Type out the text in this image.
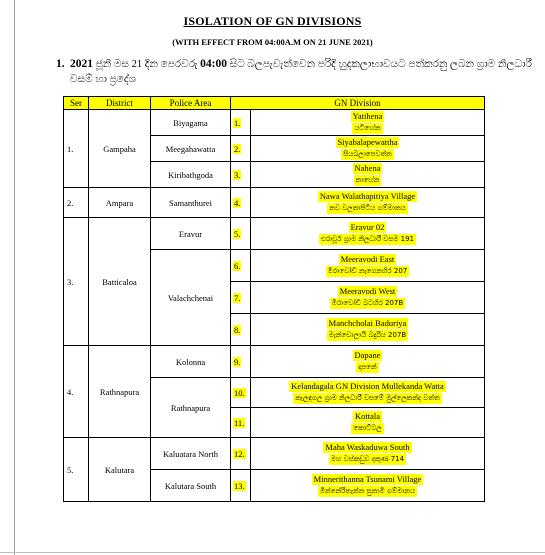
ISOLATION OF GN DIVISIONS
(WITH EFFECT FROM 04:00A.M ON 21 JUNE 2021)
1. 2021 ජූනි මස 21 දින පෙරවරු 04:00 සිට බලපැවැත්වෙන පරිදි හුදකලාභාවයට පත්කරනු ලබන ග්‍රාම නිලධාරී වසම් හා ප්‍රදේශ
Ser	District	Police Area	GN Division	
1.	Gampaha	Biyagama	1.	Yatihena
යටිහේන
		Meegahawatta	2.	Siyabalapewattha
සියබලාපෙවත්ත
		Kiribathgoda	3.	Nahena
නාහේන
2.	Ampara	Samanthurei	4.	Nawa Walathapitiya Village
නව වලතාපිටිය ගම්මානය
3.	Batticaloa	Eravur	5.	Eravur 02
එරාවූර් ග්‍රාම නිලධාරී වසම 191
		Valachchenai	6.	Meeravodi East
මීරාවෝඩි නැගෙනහිර 207
			7.	Meeravodi West
මීරාවෝඩි බටහිර 207B
			8.	Manchcholai Baduriya
මැන්චොලායි බදුරිය 207B
4.	Rathnapura	Kolonna	9.	Dapane
දාපනේ
		Rathnapura	10.	Kelandagala GN Division Mullekanda Watta
කැලඳගල ග්‍රාම නිලධාරී වසමේ මුල්ලෙකන්ද වත්ත
			11.	Kottala
කොට්ටල
5.	Kalutara	Kaluatara North	12.	Maha Waskaduwa South
මහ වස්කඩුව දකුණ 714
		Kalutara South	13.	Minnerithanna Tsunami Village
මින්නේරිතැන්න සුනාමි ගම්මානය
